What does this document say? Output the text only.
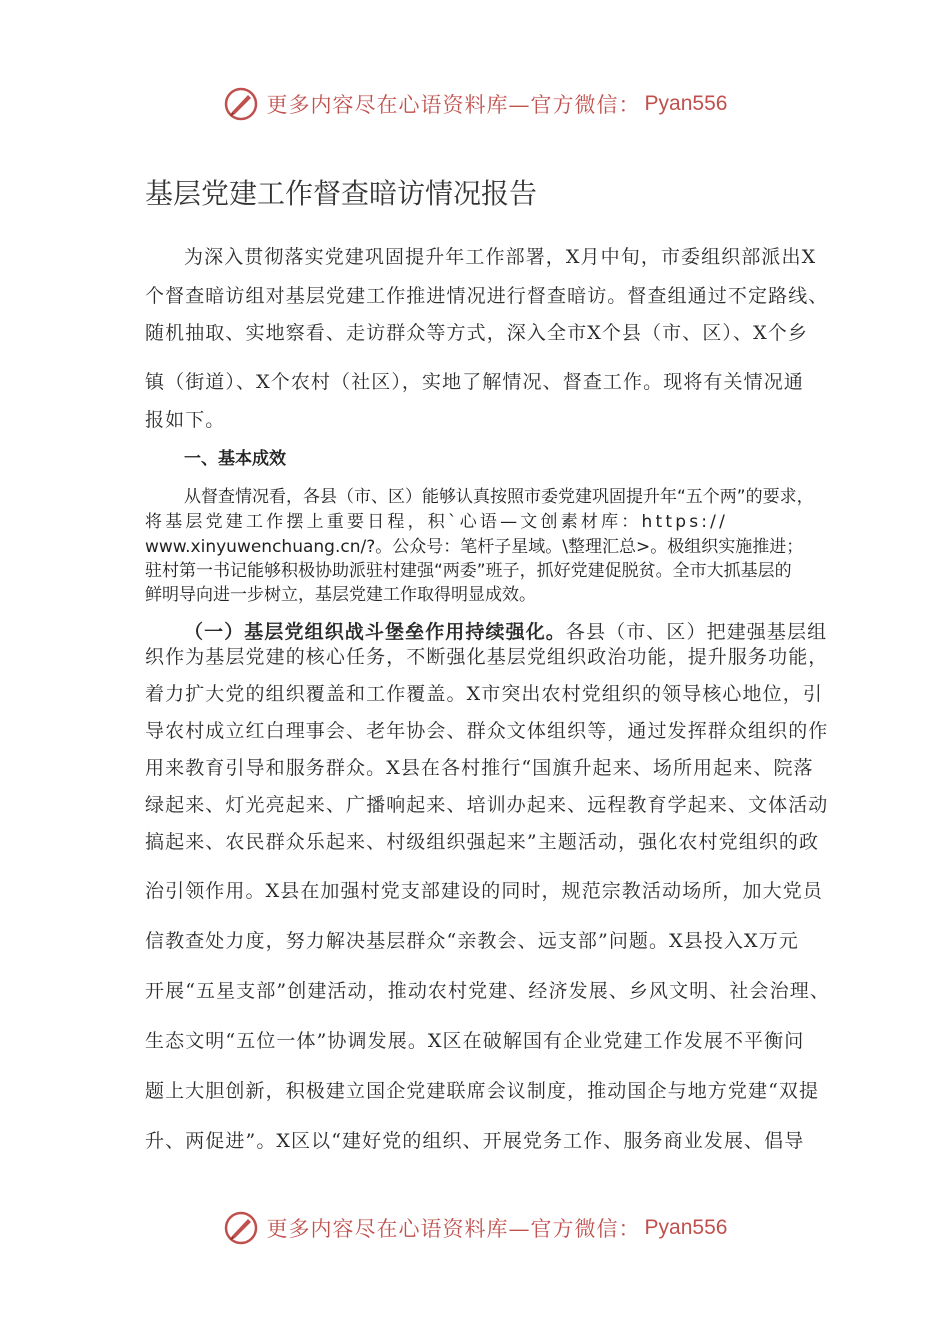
更多内容尽在心语资料库—官方微信： Pyan556
基层党建工作督查暗访情况报告
为深入贯彻落实党建巩固提升年工作部署，X月中旬，市委组织部派出X
个督查暗访组对基层党建工作推进情况进行督查暗访。督查组通过不定路线、
随机抽取、实地察看、走访群众等方式，深入全市X个县（市、区）、X个乡
镇（街道）、X个农村（社区），实地了解情况、督查工作。现将有关情况通
报如下。
一、基本成效
从督查情况看，各县（市、区）能够认真按照市委党建巩固提升年“五个两”的要求，
将基层党建工作摆上重要日程，积`心语—文创素材库：https://
www.xinyuwenchuang.cn/?。公众号：笔杆子星域。\整理汇总>。极组织实施推进；
驻村第一书记能够积极协助派驻村建强“两委”班子，抓好党建促脱贫。全市大抓基层的
鲜明导向进一步树立，基层党建工作取得明显成效。
（一）基层党组织战斗堡垒作用持续强化。各县（市、区）把建强基层组
织作为基层党建的核心任务，不断强化基层党组织政治功能，提升服务功能，
着力扩大党的组织覆盖和工作覆盖。X市突出农村党组织的领导核心地位，引
导农村成立红白理事会、老年协会、群众文体组织等，通过发挥群众组织的作
用来教育引导和服务群众。X县在各村推行“国旗升起来、场所用起来、院落
绿起来、灯光亮起来、广播响起来、培训办起来、远程教育学起来、文体活动
搞起来、农民群众乐起来、村级组织强起来”主题活动，强化农村党组织的政
治引领作用。X县在加强村党支部建设的同时，规范宗教活动场所，加大党员
信教查处力度，努力解决基层群众“亲教会、远支部”问题。X县投入X万元
开展“五星支部”创建活动，推动农村党建、经济发展、乡风文明、社会治理、
生态文明“五位一体”协调发展。X区在破解国有企业党建工作发展不平衡问
题上大胆创新，积极建立国企党建联席会议制度，推动国企与地方党建“双提
升、两促进”。X区以“建好党的组织、开展党务工作、服务商业发展、倡导
更多内容尽在心语资料库—官方微信： Pyan556
